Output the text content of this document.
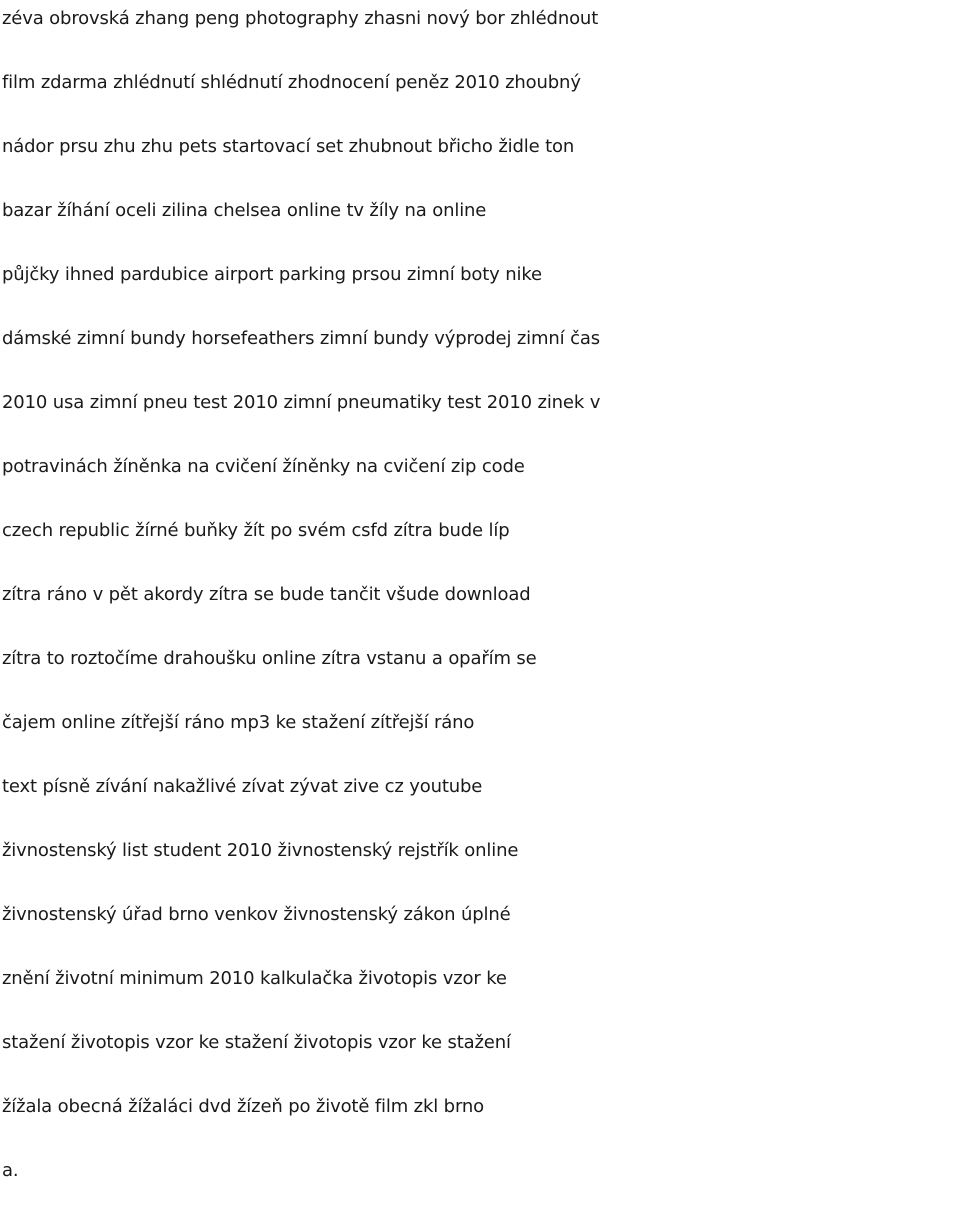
zéva obrovská zhang peng photography zhasni nový bor zhlédnout
film zdarma zhlédnutí shlédnutí zhodnocení peněz 2010 zhoubný
nádor prsu zhu zhu pets startovací set zhubnout břicho židle ton
bazar žíhání oceli zilina chelsea online tv žíly na online
půjčky ihned pardubice airport parking prsou zimní boty nike
dámské zimní bundy horsefeathers zimní bundy výprodej zimní čas
2010 usa zimní pneu test 2010 zimní pneumatiky test 2010 zinek v
potravinách žíněnka na cvičení žíněnky na cvičení zip code
czech republic žírné buňky žít po svém csfd zítra bude líp
zítra ráno v pět akordy zítra se bude tančit všude download
zítra to roztočíme drahoušku online zítra vstanu a opařím se
čajem online zítřejší ráno mp3 ke stažení zítřejší ráno
text písně zívání nakažlivé zívat zývat zive cz youtube
živnostenský list student 2010 živnostenský rejstřík online
živnostenský úřad brno venkov živnostenský zákon úplné
znění životní minimum 2010 kalkulačka životopis vzor ke
stažení životopis vzor ke stažení životopis vzor ke stažení
žížala obecná žížaláci dvd žízeň po životě film zkl brno
a.
